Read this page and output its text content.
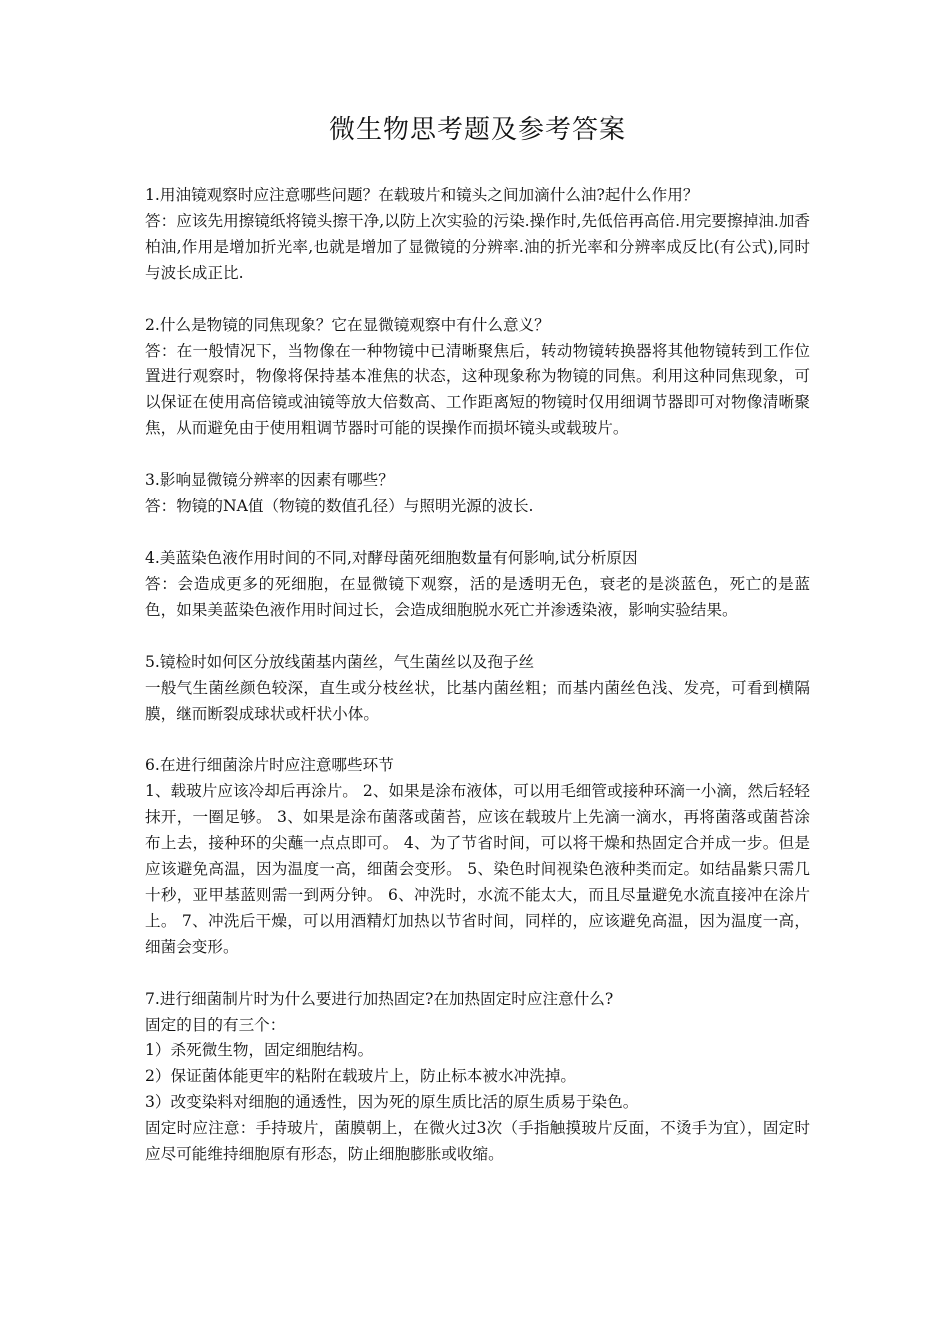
微生物思考题及参考答案

1.用油镜观察时应注意哪些问题？在载玻片和镜头之间加滴什么油?起什么作用？

答：应该先用擦镜纸将镜头擦干净,以防上次实验的污染.操作时,先低倍再高倍.用完要擦掉油.加香柏油,作用是增加折光率,也就是增加了显微镜的分辨率.油的折光率和分辨率成反比(有公式),同时与波长成正比.

2.什么是物镜的同焦现象？它在显微镜观察中有什么意义？

答：在一般情况下，当物像在一种物镜中已清晰聚焦后，转动物镜转换器将其他物镜转到工作位置进行观察时，物像将保持基本准焦的状态，这种现象称为物镜的同焦。利用这种同焦现象，可以保证在使用高倍镜或油镜等放大倍数高、工作距离短的物镜时仅用细调节器即可对物像清晰聚焦，从而避免由于使用粗调节器时可能的误操作而损坏镜头或载玻片。

3.影响显微镜分辨率的因素有哪些？

答：物镜的NA值（物镜的数值孔径）与照明光源的波长.

4.美蓝染色液作用时间的不同,对酵母菌死细胞数量有何影响,试分析原因

答：会造成更多的死细胞，在显微镜下观察，活的是透明无色，衰老的是淡蓝色，死亡的是蓝色，如果美蓝染色液作用时间过长，会造成细胞脱水死亡并渗透染液，影响实验结果。

5.镜检时如何区分放线菌基内菌丝，气生菌丝以及孢子丝

一般气生菌丝颜色较深，直生或分枝丝状，比基内菌丝粗；而基内菌丝色浅、发亮，可看到横隔膜，继而断裂成球状或杆状小体。

6.在进行细菌涂片时应注意哪些环节

1、载玻片应该冷却后再涂片。 2、如果是涂布液体，可以用毛细管或接种环滴一小滴，然后轻轻抹开，一圈足够。 3、如果是涂布菌落或菌苔，应该在载玻片上先滴一滴水，再将菌落或菌苔涂布上去，接种环的尖蘸一点点即可。 4、为了节省时间，可以将干燥和热固定合并成一步。但是应该避免高温，因为温度一高，细菌会变形。 5、染色时间视染色液种类而定。如结晶紫只需几十秒，亚甲基蓝则需一到两分钟。 6、冲洗时，水流不能太大，而且尽量避免水流直接冲在涂片上。 7、冲洗后干燥，可以用酒精灯加热以节省时间，同样的，应该避免高温，因为温度一高，细菌会变形。

7.进行细菌制片时为什么要进行加热固定?在加热固定时应注意什么?

固定的目的有三个：

1）杀死微生物，固定细胞结构。

2）保证菌体能更牢的粘附在载玻片上，防止标本被水冲洗掉。

3）改变染料对细胞的通透性，因为死的原生质比活的原生质易于染色。

固定时应注意：手持玻片，菌膜朝上，在微火过3次（手指触摸玻片反面，不烫手为宜），固定时应尽可能维持细胞原有形态，防止细胞膨胀或收缩。
